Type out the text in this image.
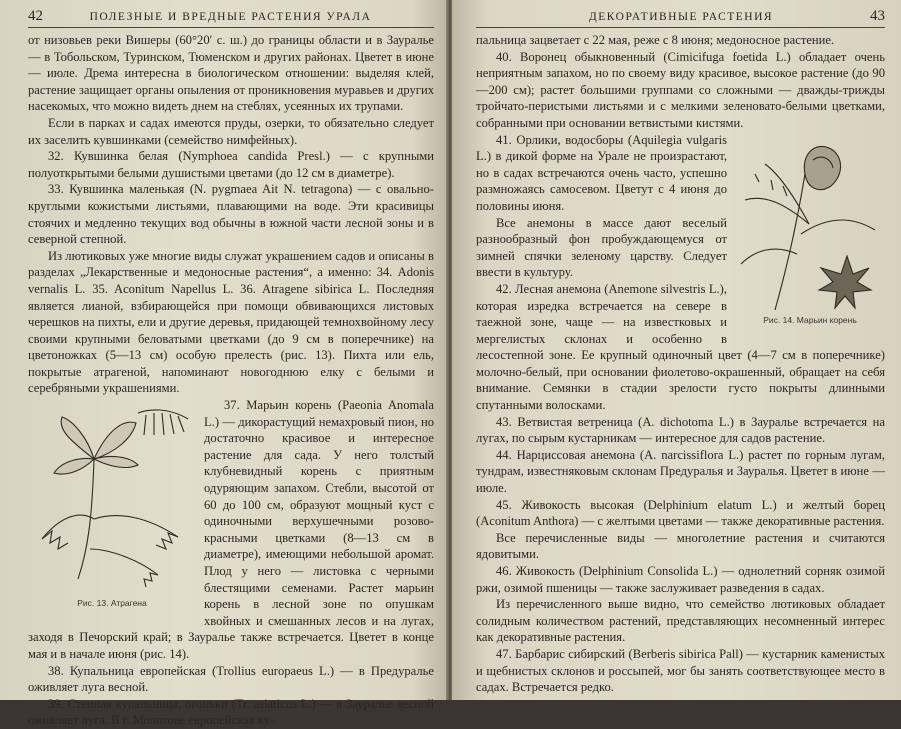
42	ПОЛЕЗНЫЕ И ВРЕДНЫЕ РАСТЕНИЯ УРАЛА

от низовьев реки Вишеры (60°20′ с. ш.) до границы области и в Зауралье — в Тобольском, Туринском, Тюменском и других районах. Цветет в июне — июле. Дрема интересна в биологическом отношении: выделяя клей, растение защищает органы опыления от проникновения муравьев и других насекомых, что можно видеть днем на стеблях, усеянных их трупами.

Если в парках и садах имеются пруды, озерки, то обязательно следует их заселить кувшинками (семейство нимфейных).

32. Кувшинка белая (Nymphoea candida Presl.) — с крупными полуоткрытыми белыми душистыми цветами (до 12 см в диаметре).

33. Кувшинка маленькая (N. pygmaea Ait N. tetragona) — с овально-круглыми кожистыми листьями, плавающими на воде. Эти красивицы стоячих и медленно текущих вод обычны в южной части лесной зоны и в северной степной.

Из лютиковых уже многие виды служат украшением садов и описаны в разделах „Лекарственные и медоносные растения“, а именно: 34. Adonis vernalis L. 35. Aconitum Napellus L. 36. Atragene sibirica L. Последняя является лианой, взбирающейся при помощи обвивающихся листовых черешков на пихты, ели и другие деревья, придающей темнохвойному лесу своими крупными беловатыми цветками (до 9 см в поперечнике) на цветоножках (5—13 см) особую прелесть (рис. 13). Пихта или ель, покрытые атрагеной, напоминают новогоднюю елку с белыми и серебряными украшениями.

Рис. 13. Атрагена

37. Марьин корень (Paeonia Anomala L.) — дикорастущий немахровый пион, но достаточно красивое и интересное растение для сада. У него толстый клубневидный корень с приятным одуряющим запахом. Стебли, высотой от 60 до 100 см, образуют мощный куст с одиночными верхушечными розово-красными цветками (8—13 см в диаметре), имеющими небольшой аромат. Плод у него — листовка с черными блестящими семенами. Растет марьин корень в лесной зоне по опушкам хвойных и смешанных лесов и на лугах, заходя в Печорский край; в Зауралье также встречается. Цветет в конце мая и в начале июня (рис. 14).

38. Купальница европейская (Trollius europaeus L.) — в Предуралье оживляет луга весной.

39. Степная купальница, огоньки (Tr. asiaticus L.) — в Зауралье весной оживляет луга. В г. Молотове европейская ку-

ДЕКОРАТИВНЫЕ РАСТЕНИЯ	43

пальница зацветает с 22 мая, реже с 8 июня; медоносное растение.

40. Воронец обыкновенный (Cimicifuga foetida L.) обладает очень неприятным запахом, но по своему виду красивое, высокое растение (до 90—200 см); растет большими группами со сложными — дважды-трижды тройчато-перистыми листьями и с мелкими зеленовато-белыми цветками, собранными при основании ветвистыми кистями.

Рис. 14. Марьин корень

41. Орлики, водосборы (Aquilegia vulgaris L.) в дикой форме на Урале не произрастают, но в садах встречаются очень часто, успешно размножаясь самосевом. Цветут с 4 июня до половины июня.

Все анемоны в массе дают веселый разнообразный фон пробуждающемуся от зимней спячки зеленому царству. Следует ввести в культуру.

42. Лесная анемона (Anemone silvestris L.), которая изредка встречается на севере в таежной зоне, чаще — на известковых и мергелистых склонах и особенно в лесостепной зоне. Ее крупный одиночный цвет (4—7 см в поперечнике) молочно-белый, при основании фиолетово-окрашенный, обращает на себя внимание. Семянки в стадии зрелости густо покрыты длинными спутанными волосками.

43. Ветвистая ветреница (A. dichotoma L.) в Зауралье встречается на лугах, по сырым кустарникам — интересное для садов растение.

44. Нарциссовая анемона (A. narcissiflora L.) растет по горным лугам, тундрам, известняковым склонам Предуралья и Зауралья. Цветет в июне — июле.

45. Живокость высокая (Delphinium elatum L.) и желтый борец (Aconitum Anthora) — с желтыми цветами — также декоративные растения.

Все перечисленные виды — многолетние растения и считаются ядовитыми.

46. Живокость (Delphinium Consolida L.) — однолетний сорняк озимой ржи, озимой пшеницы — также заслуживает разведения в садах.

Из перечисленного выше видно, что семейство лютиковых обладает солидным количеством растений, представляющих несомненный интерес как декоративные растения.

47. Барбарис сибирский (Berberis sibirica Pall) — кустарник каменистых и щебнистых склонов и россыпей, мог бы занять соответствующее место в садах. Встречается редко.
